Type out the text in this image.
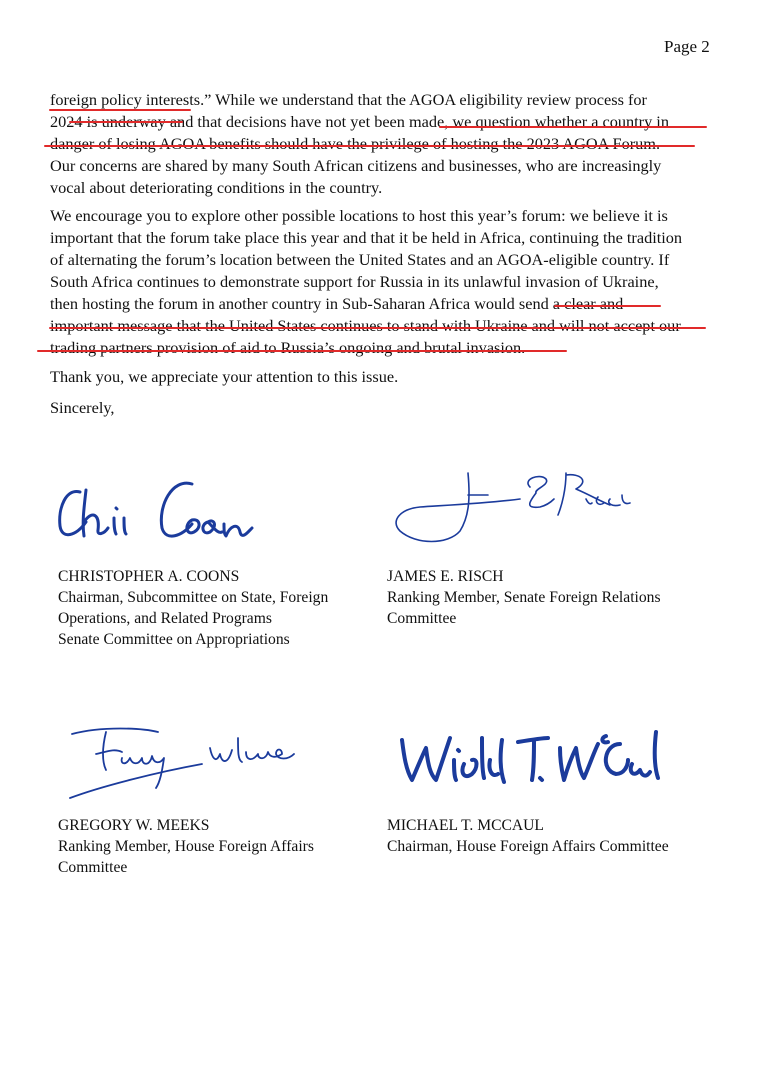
Page 2

foreign policy interests.” While we understand that the AGOA eligibility review process for
2024 is underway and that decisions have not yet been made, we question whether a country in
danger of losing AGOA benefits should have the privilege of hosting the 2023 AGOA Forum.
Our concerns are shared by many South African citizens and businesses, who are increasingly
vocal about deteriorating conditions in the country.

We encourage you to explore other possible locations to host this year’s forum: we believe it is
important that the forum take place this year and that it be held in Africa, continuing the tradition
of alternating the forum’s location between the United States and an AGOA-eligible country. If
South Africa continues to demonstrate support for Russia in its unlawful invasion of Ukraine,
then hosting the forum in another country in Sub-Saharan Africa would send a clear and
important message that the United States continues to stand with Ukraine and will not accept our
trading partners provision of aid to Russia’s ongoing and brutal invasion.

Thank you, we appreciate your attention to this issue.

Sincerely,

CHRISTOPHER A. COONS
Chairman, Subcommittee on State, Foreign
Operations, and Related Programs
Senate Committee on Appropriations
JAMES E. RISCH
Ranking Member, Senate Foreign Relations
Committee
GREGORY W. MEEKS
Ranking Member, House Foreign Affairs
Committee
MICHAEL T. MCCAUL
Chairman, House Foreign Affairs Committee
